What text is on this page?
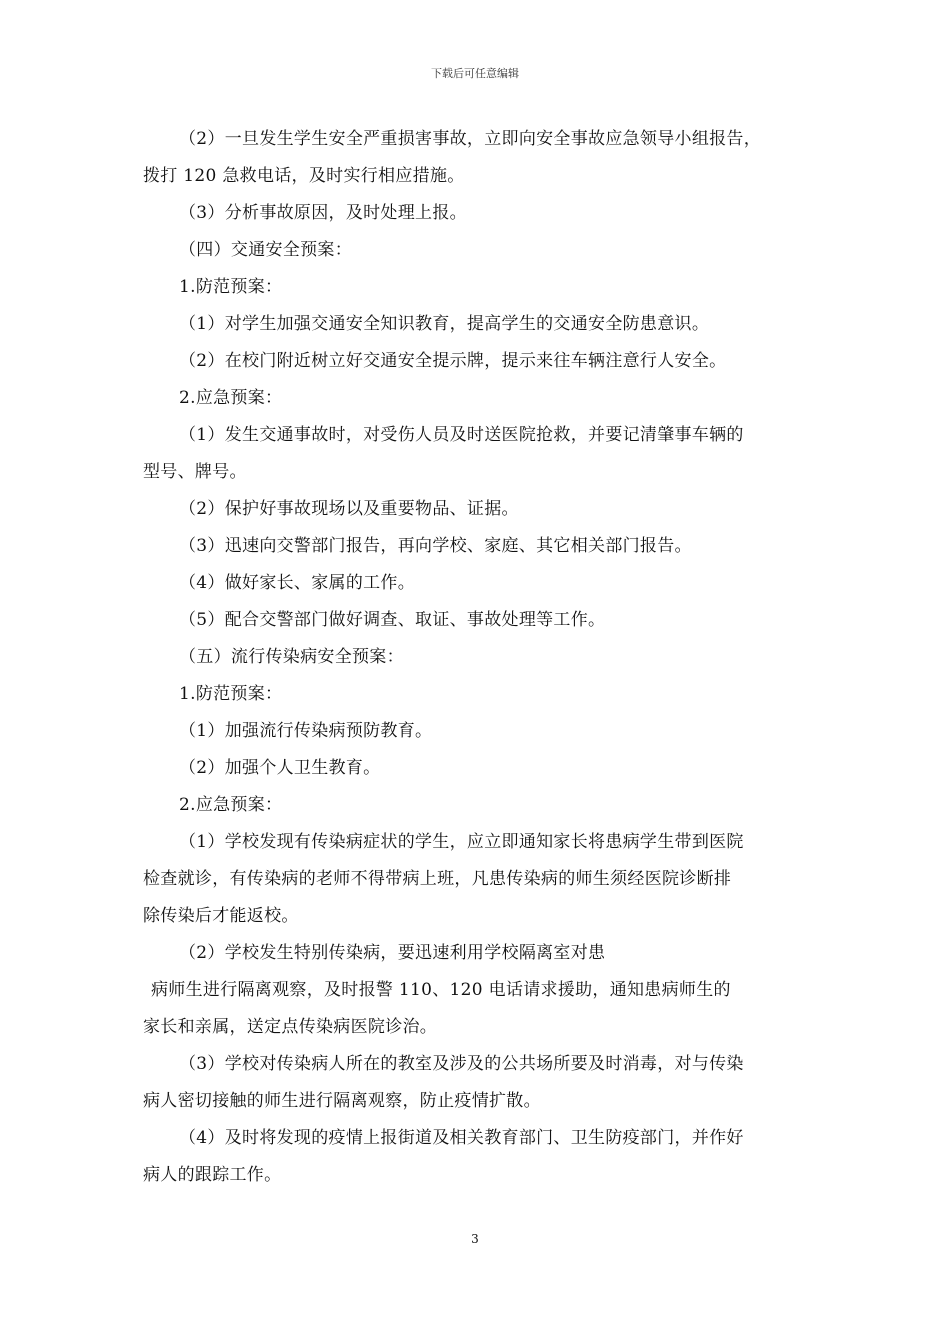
下载后可任意编辑

（2）一旦发生学生安全严重损害事故，立即向安全事故应急领导小组报告，

拨打 120 急救电话，及时实行相应措施。

（3）分析事故原因，及时处理上报。

（四）交通安全预案：

1.防范预案：

（1）对学生加强交通安全知识教育，提高学生的交通安全防患意识。

（2）在校门附近树立好交通安全提示牌，提示来往车辆注意行人安全。

2.应急预案：

（1）发生交通事故时，对受伤人员及时送医院抢救，并要记清肇事车辆的

型号、牌号。

（2）保护好事故现场以及重要物品、证据。

（3）迅速向交警部门报告，再向学校、家庭、其它相关部门报告。

（4）做好家长、家属的工作。

（5）配合交警部门做好调查、取证、事故处理等工作。

（五）流行传染病安全预案：

1.防范预案：

（1）加强流行传染病预防教育。

（2）加强个人卫生教育。

2.应急预案：

（1）学校发现有传染病症状的学生，应立即通知家长将患病学生带到医院

检查就诊，有传染病的老师不得带病上班，凡患传染病的师生须经医院诊断排

除传染后才能返校。

（2）学校发生特别传染病，要迅速利用学校隔离室对患

病师生进行隔离观察，及时报警 110、120 电话请求援助，通知患病师生的

家长和亲属，送定点传染病医院诊治。

（3）学校对传染病人所在的教室及涉及的公共场所要及时消毒，对与传染

病人密切接触的师生进行隔离观察，防止疫情扩散。

（4）及时将发现的疫情上报街道及相关教育部门、卫生防疫部门，并作好

病人的跟踪工作。

3
